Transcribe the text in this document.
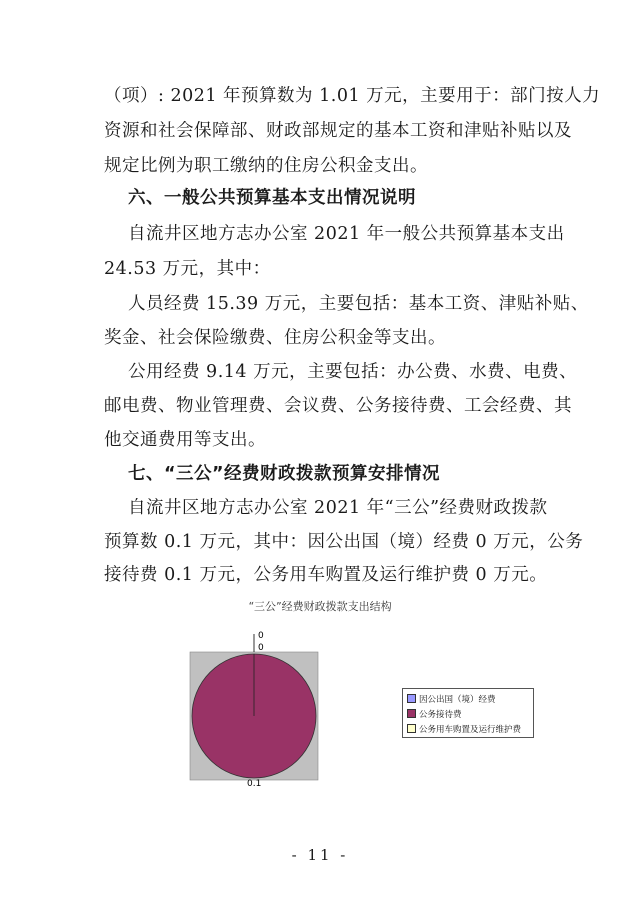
（项）: 2021 年预算数为 1.01 万元，主要用于：部门按人力
资源和社会保障部、财政部规定的基本工资和津贴补贴以及
规定比例为职工缴纳的住房公积金支出。
六、一般公共预算基本支出情况说明
自流井区地方志办公室 2021 年一般公共预算基本支出
24.53 万元，其中：
人员经费 15.39 万元，主要包括：基本工资、津贴补贴、
奖金、社会保险缴费、住房公积金等支出。
公用经费 9.14 万元，主要包括：办公费、水费、电费、
邮电费、物业管理费、会议费、公务接待费、工会经费、其
他交通费用等支出。
七、“三公”经费财政拨款预算安排情况
自流井区地方志办公室 2021 年“三公”经费财政拨款
预算数 0.1 万元，其中：因公出国（境）经费 0 万元，公务
接待费 0.1 万元，公务用车购置及运行维护费 0 万元。
“三公”经费财政拨款支出结构
0
0
0.1
因公出国（境）经费
公务接待费
公务用车购置及运行维护费
- 11 -
